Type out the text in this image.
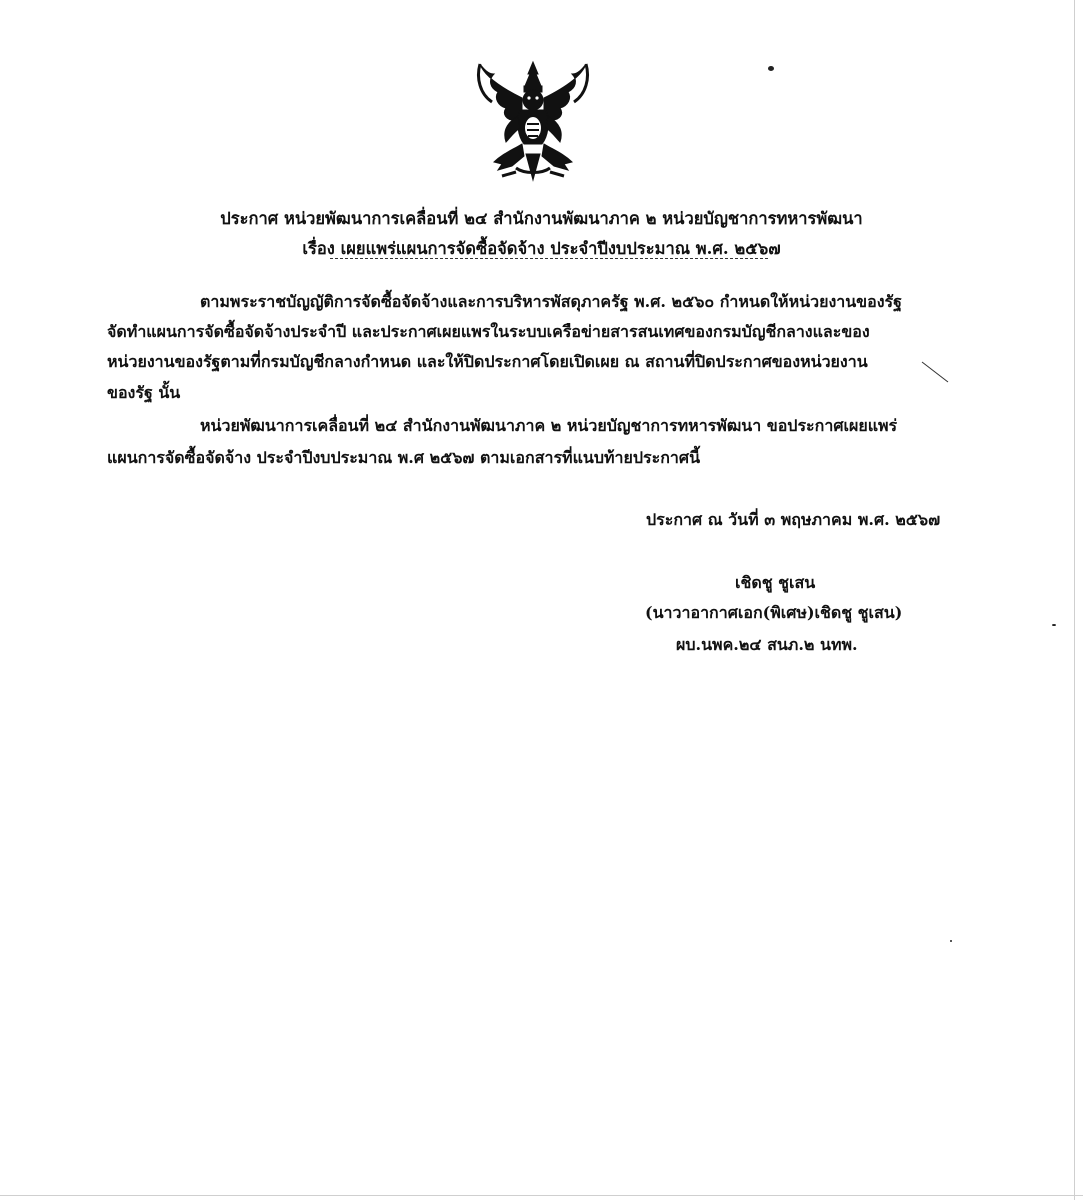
ประกาศ หน่วยพัฒนาการเคลื่อนที่ ๒๔ สำนักงานพัฒนาภาค ๒ หน่วยบัญชาการทหารพัฒนา
เรื่อง เผยแพร่แผนการจัดซื้อจัดจ้าง ประจำปีงบประมาณ พ.ศ. ๒๕๖๗
ตามพระราชบัญญัติการจัดซื้อจัดจ้างและการบริหารพัสดุภาครัฐ พ.ศ. ๒๕๖๐ กำหนดให้หน่วยงานของรัฐ
จัดทำแผนการจัดซื้อจัดจ้างประจำปี และประกาศเผยแพรในระบบเครือข่ายสารสนเทศของกรมบัญชีกลางและของ
หน่วยงานของรัฐตามที่กรมบัญชีกลางกำหนด และให้ปิดประกาศโดยเปิดเผย ณ สถานที่ปิดประกาศของหน่วยงาน
ของรัฐ นั้น
หน่วยพัฒนาการเคลื่อนที่ ๒๔ สำนักงานพัฒนาภาค ๒ หน่วยบัญชาการทหารพัฒนา ขอประกาศเผยแพร่
แผนการจัดซื้อจัดจ้าง ประจำปีงบประมาณ พ.ศ ๒๕๖๗ ตามเอกสารที่แนบท้ายประกาศนี้
ประกาศ ณ วันที่ ๓ พฤษภาคม พ.ศ. ๒๕๖๗
เชิดชู ชูเสน
(นาวาอากาศเอก(พิเศษ)เชิดชู ชูเสน)
ผบ.นพค.๒๔ สนภ.๒ นทพ.
